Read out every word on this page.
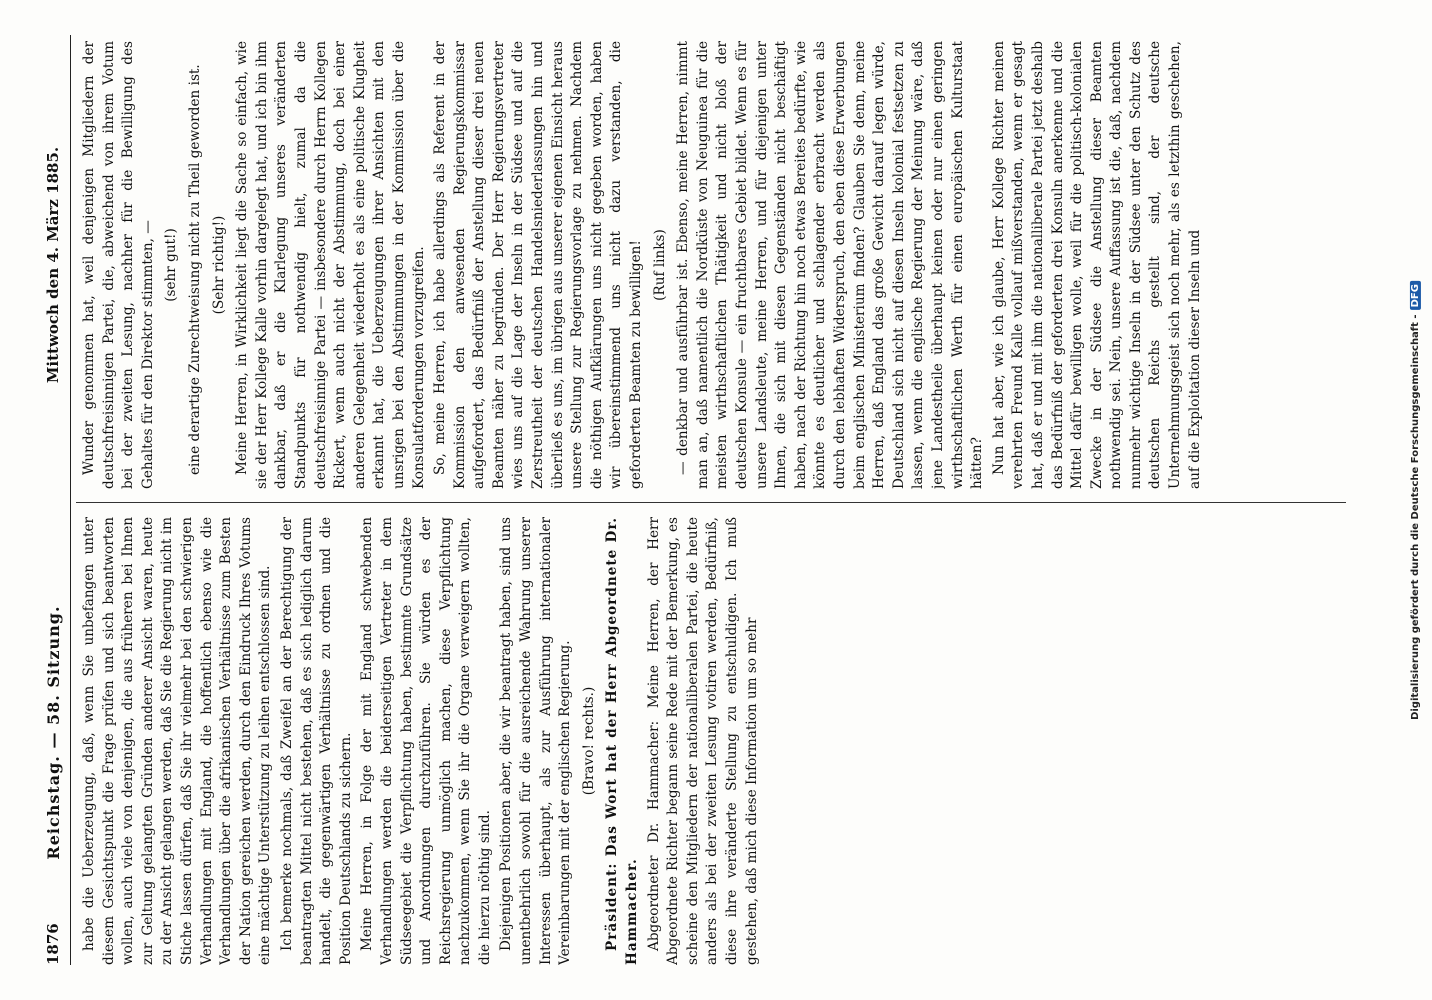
1876
Reichstag. — 58. Sitzung.
Mittwoch den 4. März 1885.

habe die Ueberzeugung, daß, wenn Sie unbefangen unter diesem Gesichtspunkt die Frage prüfen und sich beantworten wollen, auch viele von denjenigen, die aus früheren bei Ihnen zur Geltung gelangten Gründen anderer Ansicht waren, heute zu der Ansicht gelangen werden, daß Sie die Regierung nicht im Stiche lassen dürfen, daß Sie ihr vielmehr bei den schwierigen Verhandlungen mit England, die hoffentlich ebenso wie die Verhandlungen über die afrikanischen Verhältnisse zum Besten der Nation gereichen werden, durch den Eindruck Ihres Votums eine mächtige Unterstützung zu leihen entschlossen sind. Ich bemerke nochmals, daß Zweifel an der Berechtigung der beantragten Mittel nicht bestehen, daß es sich lediglich darum handelt, die gegenwärtigen Verhältnisse zu ordnen und die Position Deutschlands zu sichern. Meine Herren, in Folge der mit England schwebenden Verhandlungen werden die beiderseitigen Vertreter in dem Südseegebiet die Verpflichtung haben, bestimmte Grundsätze und Anordnungen durchzuführen. Sie würden es der Reichsregierung unmöglich machen, diese Verpflichtung nachzukommen, wenn Sie ihr die Organe verweigern wollten, die hierzu nöthig sind. Diejenigen Positionen aber, die wir beantragt haben, sind uns unentbehrlich sowohl für die ausreichende Wahrung unserer Interessen überhaupt, als zur Ausführung internationaler Vereinbarungen mit der englischen Regierung. (Bravo! rechts.) Präsident: Das Wort hat der Herr Abgeordnete Dr. Hammacher. Abgeordneter Dr. Hammacher: Meine Herren, der Herr Abgeordnete Richter begann seine Rede mit der Bemerkung, es scheine den Mitgliedern der nationalliberalen Partei, die heute anders als bei der zweiten Lesung votiren werden, Bedürfniß, diese ihre veränderte Stellung zu entschuldigen. Ich muß gestehen, daß mich diese Information um so mehr

Wunder genommen hat, weil denjenigen Mitgliedern der deutschfreisinnigen Partei, die, abweichend von ihrem Votum bei der zweiten Lesung, nachher für die Bewilligung des Gehaltes für den Direktor stimmten, — (sehr gut!) eine derartige Zurechtweisung nicht zu Theil geworden ist. (Sehr richtig!) Meine Herren, in Wirklichkeit liegt die Sache so einfach, wie sie der Herr Kollege Kalle vorhin dargelegt hat, und ich bin ihm dankbar, daß er die Klarlegung unseres veränderten Standpunkts für nothwendig hielt, zumal da die deutschfreisinnige Partei — insbesondere durch Herrn Kollegen Rickert, wenn auch nicht der Abstimmung, doch bei einer anderen Gelegenheit wiederholt es als eine politische Klugheit erkannt hat, die Ueberzeugungen ihrer Ansichten mit den unsrigen bei den Abstimmungen in der Kommission über die Konsulatforderungen vorzugreifen. So, meine Herren, ich habe allerdings als Referent in der Kommission den anwesenden Regierungskommissar aufgefordert, das Bedürfniß der Anstellung dieser drei neuen Beamten näher zu begründen. Der Herr Regierungsvertreter wies uns auf die Lage der Inseln in der Südsee und auf die Zerstreutheit der deutschen Handelsniederlassungen hin und überließ es uns, im übrigen aus unserer eigenen Einsicht heraus unsere Stellung zur Regierungsvorlage zu nehmen. Nachdem die nöthigen Aufklärungen uns nicht gegeben worden, haben wir übereinstimmend uns nicht dazu verstanden, die geforderten Beamten zu bewilligen! (Ruf links) — denkbar und ausführbar ist. Ebenso, meine Herren, nimmt man an, daß namentlich die Nordküste von Neuguinea für die meisten wirthschaftlichen Thätigkeit und nicht bloß der deutschen Konsule — ein fruchtbares Gebiet bildet. Wenn es für unsere Landsleute, meine Herren, und für diejenigen unter Ihnen, die sich mit diesen Gegenständen nicht beschäftigt haben, nach der Richtung hin noch etwas Bereites bedürfte, wie könnte es deutlicher und schlagender erbracht werden als durch den lebhaften Widerspruch, den eben diese Erwerbungen beim englischen Ministerium finden? Glauben Sie denn, meine Herren, daß England das große Gewicht darauf legen würde, Deutschland sich nicht auf diesen Inseln kolonial festsetzen zu lassen, wenn die englische Regierung der Meinung wäre, daß jene Landestheile überhaupt keinen oder nur einen geringen wirthschaftlichen Werth für einen europäischen Kulturstaat hätten? Nun hat aber, wie ich glaube, Herr Kollege Richter meinen verehrten Freund Kalle vollauf mißverstanden, wenn er gesagt hat, daß er und mit ihm die nationalliberale Partei jetzt deshalb das Bedürfniß der geforderten drei Konsuln anerkenne und die Mittel dafür bewilligen wolle, weil für die politisch-kolonialen Zwecke in der Südsee die Anstellung dieser Beamten nothwendig sei. Nein, unsere Auffassung ist die, daß, nachdem nunmehr wichtige Inseln in der Südsee unter den Schutz des deutschen Reichs gestellt sind, der deutsche Unternehmungsgeist sich noch mehr, als es letzthin geschehen, auf die Exploitation dieser Inseln und	Digitalisierung gefördert durch die Deutsche Forschungsgemeinschaft -DFG
